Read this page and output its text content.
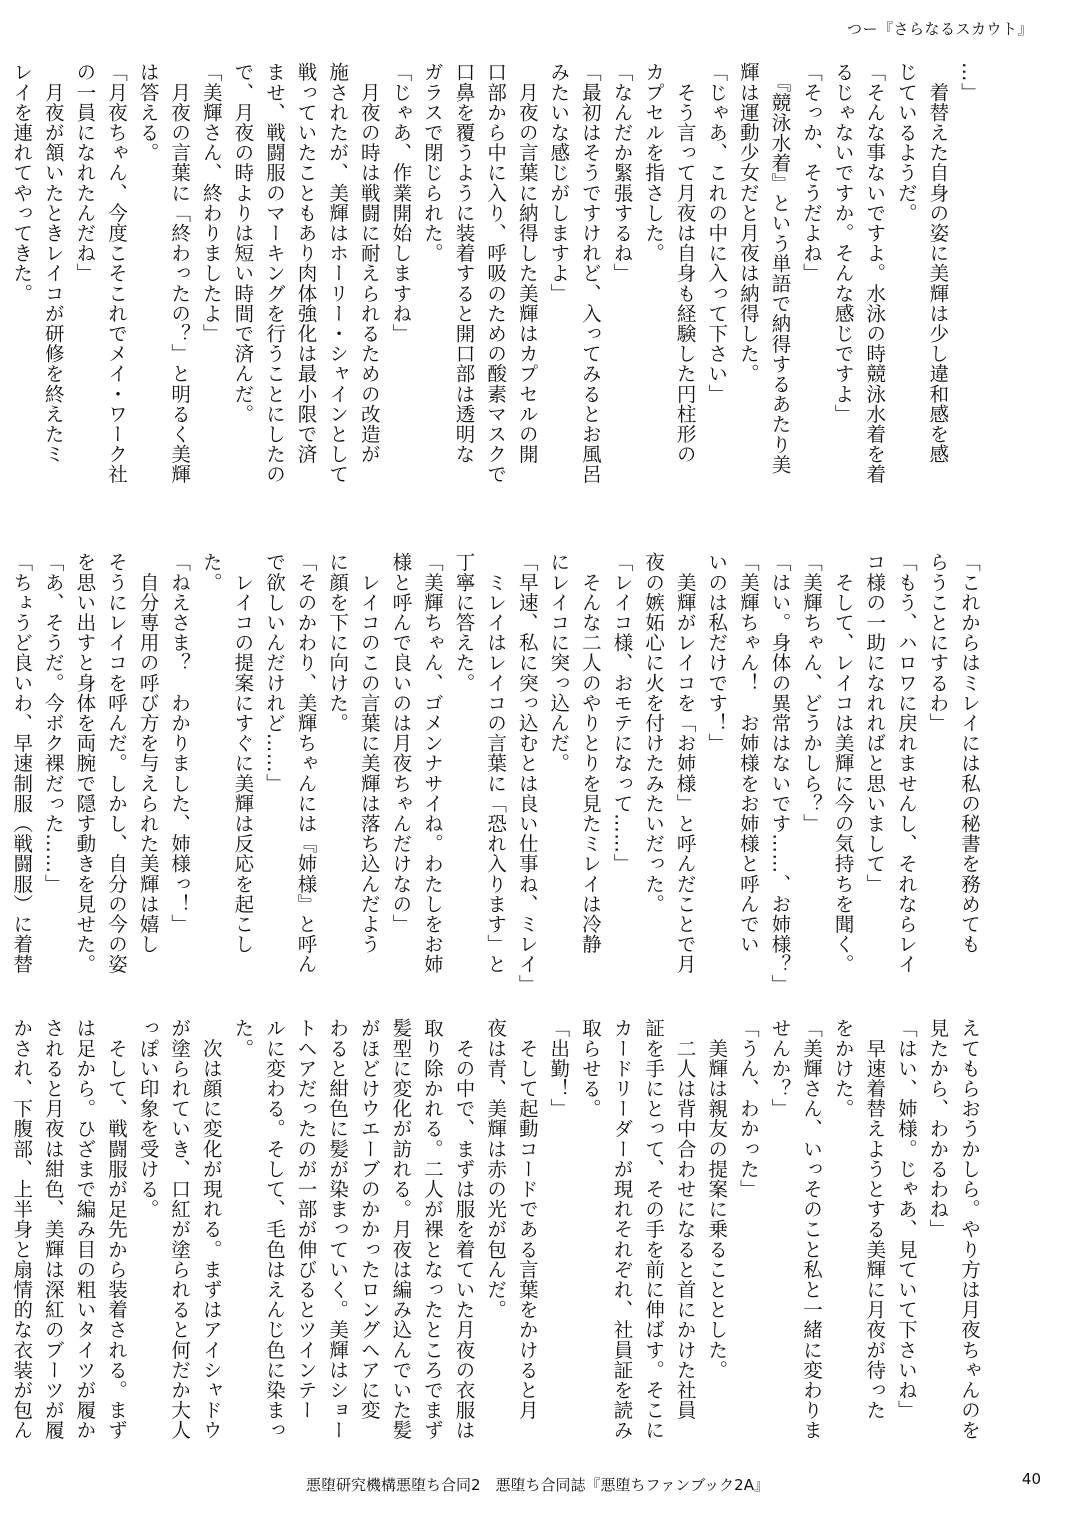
つー『さらなるスカウト』
…」
　着替えた自身の姿に美輝は少し違和感を感
じているようだ。
「そんな事ないですよ。水泳の時競泳水着を着
るじゃないですか。そんな感じですよ」
「そっか、そうだよね」
　『競泳水着』という単語で納得するあたり美
輝は運動少女だと月夜は納得した。
「じゃあ、これの中に入って下さい」
　そう言って月夜は自身も経験した円柱形の
カプセルを指さした。
「なんだか緊張するね」
「最初はそうですけれど、入ってみるとお風呂
みたいな感じがしますよ」
　月夜の言葉に納得した美輝はカプセルの開
口部から中に入り、呼吸のための酸素マスクで
口鼻を覆うように装着すると開口部は透明な
ガラスで閉じられた。
「じゃあ、作業開始しますね」
　月夜の時は戦闘に耐えられるための改造が
施されたが、美輝はホーリー・シャインとして
戦っていたこともあり肉体強化は最小限で済
ませ、戦闘服のマーキングを行うことにしたの
で、月夜の時よりは短い時間で済んだ。
「美輝さん、終わりましたよ」
　月夜の言葉に「終わったの？」と明るく美輝
は答える。
「月夜ちゃん、今度こそこれでメイ・ワーク社
の一員になれたんだね」
　月夜が頷いたときレイコが研修を終えたミ
レイを連れてやってきた。
「これからはミレイには私の秘書を務めても
らうことにするわ」
「もう、ハロワに戻れませんし、それならレイ
コ様の一助になれればと思いまして」
　そして、レイコは美輝に今の気持ちを聞く。
「美輝ちゃん、どうかしら？」
「はい。身体の異常はないです……、お姉様？」
「美輝ちゃん！　お姉様をお姉様と呼んでい
いのは私だけです！」
　美輝がレイコを「お姉様」と呼んだことで月
夜の嫉妬心に火を付けたみたいだった。
「レイコ様、おモテになって……」
　そんな二人のやりとりを見たミレイは冷静
にレイコに突っ込んだ。
「早速、私に突っ込むとは良い仕事ね、ミレイ」
　ミレイはレイコの言葉に「恐れ入ります」と
丁寧に答えた。
「美輝ちゃん、ゴメンナサイね。わたしをお姉
様と呼んで良いのは月夜ちゃんだけなの」
　レイコのこの言葉に美輝は落ち込んだよう
に顔を下に向けた。
「そのかわり、美輝ちゃんには『姉様』と呼ん
で欲しいんだけれど……」
　レイコの提案にすぐに美輝は反応を起こし
た。
「ねえさま？　わかりました、姉様っ！」
　自分専用の呼び方を与えられた美輝は嬉し
そうにレイコを呼んだ。しかし、自分の今の姿
を思い出すと身体を両腕で隠す動きを見せた。
「あ、そうだ。今ボク裸だった……」
「ちょうど良いわ、早速制服（戦闘服）に着替
えてもらおうかしら。やり方は月夜ちゃんのを
見たから、わかるわね」
「はい、姉様。じゃあ、見ていて下さいね」
　早速着替えようとする美輝に月夜が待った
をかけた。
「美輝さん、いっそのこと私と一緒に変わりま
せんか？」
「うん、わかった」
　美輝は親友の提案に乗ることとした。
　二人は背中合わせになると首にかけた社員
証を手にとって、その手を前に伸ばす。そこに
カードリーダーが現れそれぞれ、社員証を読み
取らせる。
「出勤！」
　そして起動コードである言葉をかけると月
夜は青、美輝は赤の光が包んだ。
　その中で、まずは服を着ていた月夜の衣服は
取り除かれる。二人が裸となったところでまず
髪型に変化が訪れる。月夜は編み込んでいた髪
がほどけウエーブのかかったロングヘアに変
わると紺色に髪が染まっていく。美輝はショー
トヘアだったのが一部が伸びるとツインテー
ルに変わる。そして、毛色はえんじ色に染まっ
た。
　次は顔に変化が現れる。まずはアイシャドウ
が塗られていき、口紅が塗られると何だか大人
っぽい印象を受ける。
　そして、戦闘服が足先から装着される。まず
は足から。ひざまで編み目の粗いタイツが履か
されると月夜は紺色、美輝は深紅のブーツが履
かされ、下腹部、上半身と扇情的な衣装が包ん
悪堕研究機構悪堕ち合同2　悪堕ち合同誌『悪堕ちファンブック2A』	40
